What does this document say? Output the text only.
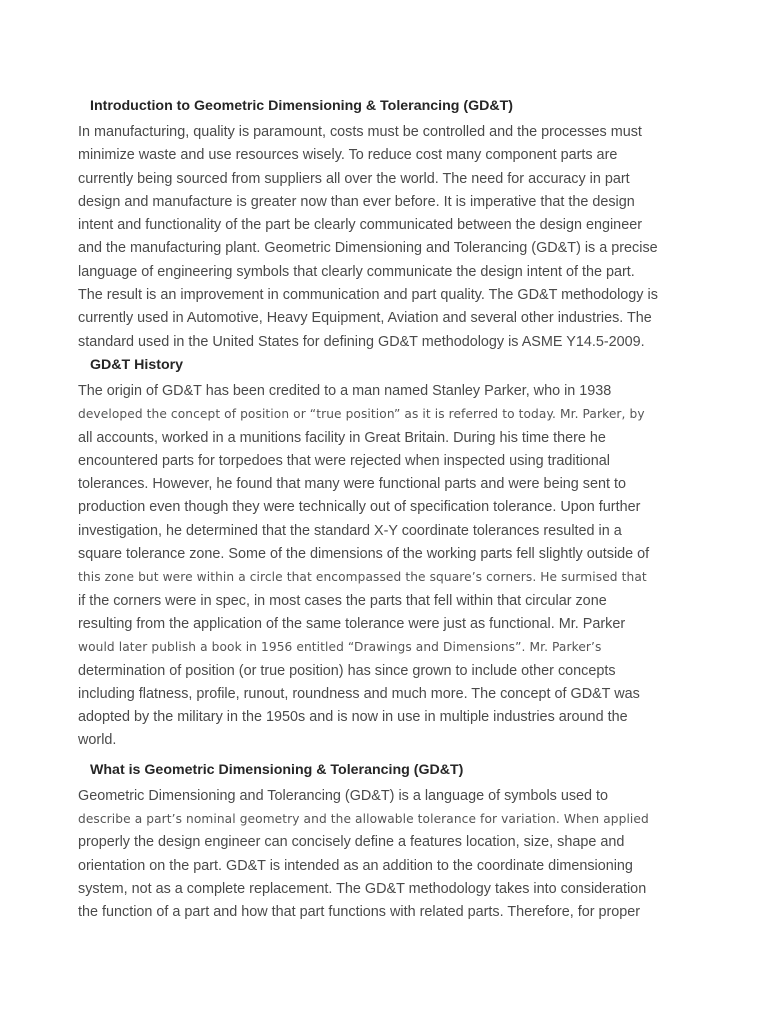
Introduction to Geometric Dimensioning & Tolerancing (GD&T)

In manufacturing, quality is paramount, costs must be controlled and the processes must
minimize waste and use resources wisely. To reduce cost many component parts are
currently being sourced from suppliers all over the world. The need for accuracy in part
design and manufacture is greater now than ever before. It is imperative that the design
intent and functionality of the part be clearly communicated between the design engineer
and the manufacturing plant. Geometric Dimensioning and Tolerancing (GD&T) is a precise
language of engineering symbols that clearly communicate the design intent of the part.
The result is an improvement in communication and part quality. The GD&T methodology is
currently used in Automotive, Heavy Equipment, Aviation and several other industries. The
standard used in the United States for defining GD&T methodology is ASME Y14.5-2009.

GD&T History

The origin of GD&T has been credited to a man named Stanley Parker, who in 1938
developed the concept of position or “true position” as it is referred to today. Mr. Parker, by
all accounts, worked in a munitions facility in Great Britain. During his time there he
encountered parts for torpedoes that were rejected when inspected using traditional
tolerances. However, he found that many were functional parts and were being sent to
production even though they were technically out of specification tolerance. Upon further
investigation, he determined that the standard X-Y coordinate tolerances resulted in a
square tolerance zone. Some of the dimensions of the working parts fell slightly outside of
this zone but were within a circle that encompassed the square’s corners. He surmised that
if the corners were in spec, in most cases the parts that fell within that circular zone
resulting from the application of the same tolerance were just as functional. Mr. Parker
would later publish a book in 1956 entitled “Drawings and Dimensions”. Mr. Parker’s
determination of position (or true position) has since grown to include other concepts
including flatness, profile, runout, roundness and much more. The concept of GD&T was
adopted by the military in the 1950s and is now in use in multiple industries around the
world.

What is Geometric Dimensioning & Tolerancing (GD&T)

Geometric Dimensioning and Tolerancing (GD&T) is a language of symbols used to
describe a part’s nominal geometry and the allowable tolerance for variation. When applied
properly the design engineer can concisely define a features location, size, shape and
orientation on the part. GD&T is intended as an addition to the coordinate dimensioning
system, not as a complete replacement. The GD&T methodology takes into consideration
the function of a part and how that part functions with related parts. Therefore, for proper
